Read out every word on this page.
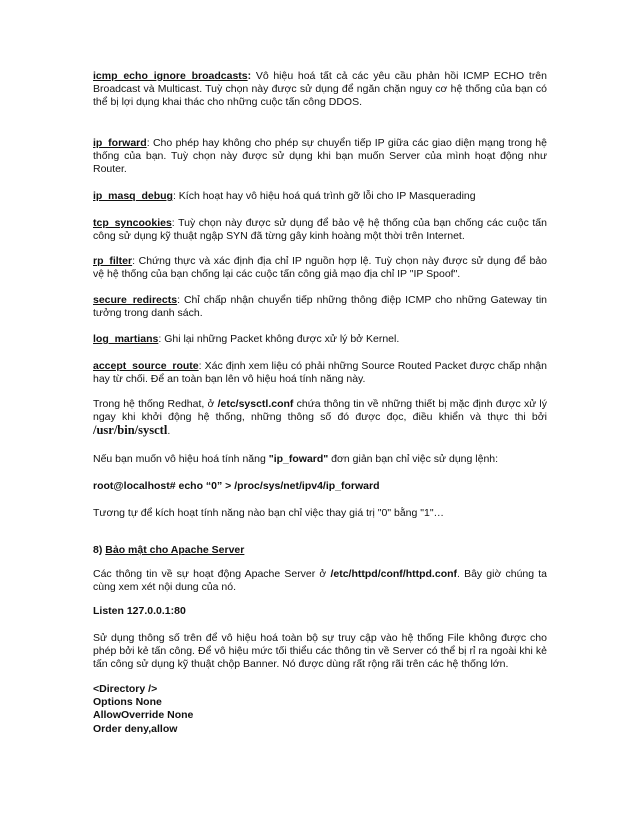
icmp_echo_ignore_broadcasts: Vô hiệu hoá tất cả các yêu cầu phản hồi ICMP ECHO trên Broadcast và Multicast. Tuỳ chọn này được sử dụng để ngăn chặn nguy cơ hệ thống của bạn có thể bị lợi dụng khai thác cho những cuộc tấn công DDOS.

ip_forward: Cho phép hay không cho phép sự chuyển tiếp IP giữa các giao diện mạng trong hệ thống của bạn. Tuỳ chọn này được sử dụng khi bạn muốn Server của mình hoạt động như Router.

ip_masq_debug: Kích hoạt hay vô hiệu hoá quá trình gỡ lỗi cho IP Masquerading

tcp_syncookies: Tuỳ chọn này được sử dụng để bảo vệ hệ thống của bạn chống các cuộc tấn công sử dụng kỹ thuật ngập SYN đã từng gây kinh hoàng một thời trên Internet.

rp_filter: Chứng thực và xác định địa chỉ IP nguồn hợp lệ. Tuỳ chọn này được sử dụng để bảo vệ hệ thống của bạn chống lại các cuộc tấn công giả mạo địa chỉ IP "IP Spoof".

secure_redirects: Chỉ chấp nhận chuyển tiếp những thông điệp ICMP cho những Gateway tin tưởng trong danh sách.

log_martians: Ghi lại những Packet không được xử lý bở Kernel.

accept_source_route: Xác định xem liệu có phải những Source Routed Packet được chấp nhận hay từ chối. Để an toàn bạn lên vô hiệu hoá tính năng này.

Trong hệ thống Redhat, ở /etc/sysctl.conf chứa thông tin về những thiết bị mặc định được xử lý ngay khi khởi động hệ thống, những thông số đó được đọc, điều khiển và thực thi bởi /usr/bin/sysctl.

Nếu bạn muốn vô hiệu hoá tính năng "ip_foward" đơn giản bạn chỉ việc sử dụng lệnh:

root@localhost# echo “0” > /proc/sys/net/ipv4/ip_forward

Tương tự để kích hoạt tính năng nào bạn chỉ việc thay giá trị "0" bằng "1"…

8) Bảo mật cho Apache Server

Các thông tin về sự hoạt động Apache Server ở /etc/httpd/conf/httpd.conf. Bây giờ chúng ta cùng xem xét nội dung của nó.

Listen 127.0.0.1:80

Sử dụng thông số trên để vô hiệu hoá toàn bộ sự truy cập vào hệ thống File không được cho phép bởi kẻ tấn công. Để vô hiệu mức tối thiểu các thông tin về Server có thể bị rỉ ra ngoài khi kẻ tấn công sử dụng kỹ thuật chộp Banner. Nó được dùng rất rộng rãi trên các hệ thống lớn.

<Directory />

Options None

AllowOverride None

Order deny,allow
